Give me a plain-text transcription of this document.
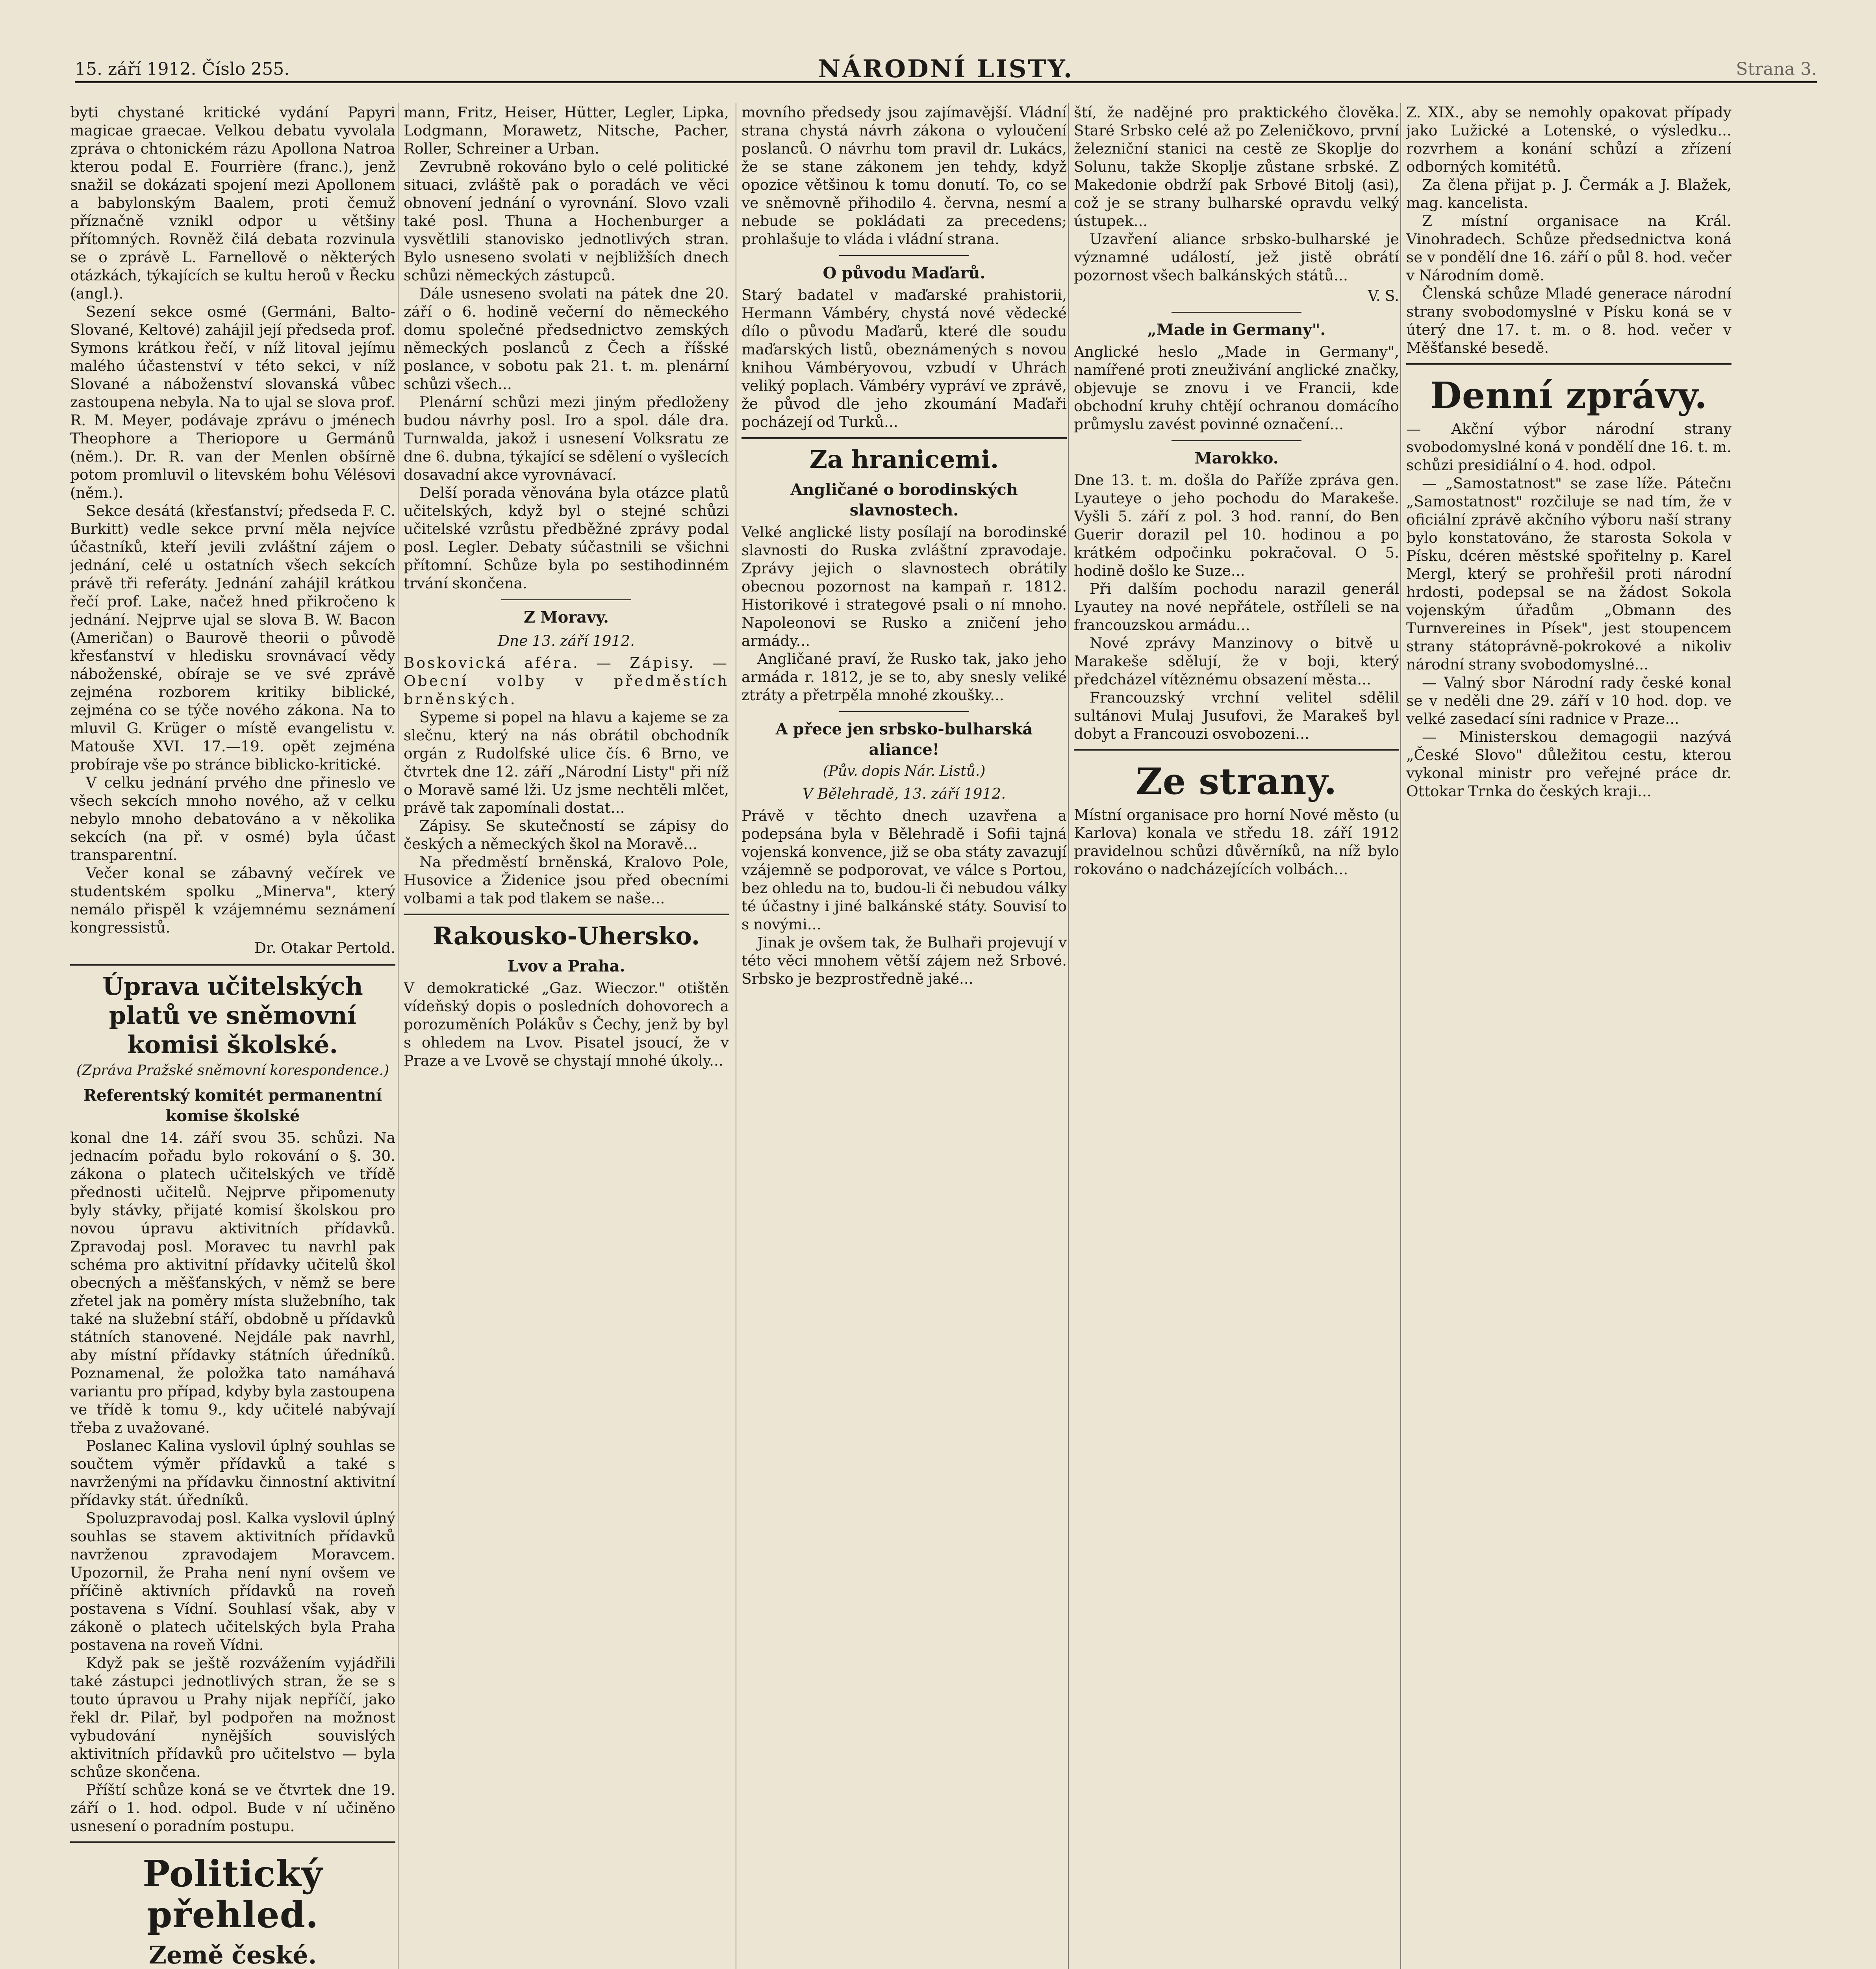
15. září 1912. Číslo 255.	NÁRODNÍ LISTY.	Strana 3.

byti chystané kritické vydání Papyri magicae graecae. Velkou debatu vyvolala zpráva o chtonickém rázu Apollona Natroa kterou podal E. Fourrière (franc.), jenž snažil se dokázati spojení mezi Apollonem a babylonským Baalem, proti čemuž příznačně vznikl odpor u většiny přítomných. Rovněž čilá debata rozvinula se o zprávě L. Farnellově o některých otázkách, týkajících se kultu heroů v Řecku (angl.).

Sezení sekce osmé (Germáni, Balto-Slované, Keltové) zahájil její předseda prof. Symons krátkou řečí, v níž litoval jejímu malého účastenství v této sekci, v níž Slované a náboženství slovanská vůbec zastoupena nebyla. Na to ujal se slova prof. R. M. Meyer, podávaje zprávu o jménech Theophore a Theriopore u Germánů (něm.). Dr. R. van der Menlen obšírně potom promluvil o litevském bohu Vélésovi (něm.).

Sekce desátá (křesťanství; předseda F. C. Burkitt) vedle sekce první měla nejvíce účastníků, kteří jevili zvláštní zájem o jednání, celé u ostatních všech sekcích právě tři referáty. Jednání zahájil krátkou řečí prof. Lake, načež hned přikročeno k jednání. Nejprve ujal se slova B. W. Bacon (Američan) o Baurově theorii o původě křesťanství v hledisku srovnávací vědy náboženské, obíraje se ve své zprávě zejména rozborem kritiky biblické, zejména co se týče nového zákona. Na to mluvil G. Krüger o místě evangelistu v. Matouše XVI. 17.—19. opět zejména probíraje vše po stránce biblicko-kritické.

V celku jednání prvého dne přineslo ve všech sekcích mnoho nového, až v celku nebylo mnoho debatováno a v několika sekcích (na př. v osmé) byla účast transparentní.

Večer konal se zábavný večírek ve studentském spolku „Minerva", který nemálo přispěl k vzájemnému seznámení kongressistů.

Dr. Otakar Pertold.
Úprava učitelských platů ve sněmovní komisi školské.
(Zpráva Pražské sněmovní korespondence.)
Referentský komitét permanentní komise školské

konal dne 14. září svou 35. schůzi. Na jednacím pořadu bylo rokování o §. 30. zákona o platech učitelských ve třídě přednosti učitelů. Nejprve připomenuty byly stávky, přijaté komisí školskou pro novou úpravu aktivitních přídavků. Zpravodaj posl. Moravec tu navrhl pak schéma pro aktivitní přídavky učitelů škol obecných a měšťanských, v němž se bere zřetel jak na poměry místa služebního, tak také na služební stáří, obdobně u přídavků státních stanovené. Nejdále pak navrhl, aby místní přídavky státních úředníků. Poznamenal, že položka tato namáhavá variantu pro případ, kdyby byla zastoupena ve třídě k tomu 9., kdy učitelé nabývají třeba z uvažované.

Poslanec Kalina vyslovil úplný souhlas se součtem výměr přídavků a také s navrženými na přídavku činnostní aktivitní přídavky stát. úředníků.

Spoluzpravodaj posl. Kalka vyslovil úplný souhlas se stavem aktivitních přídavků navrženou zpravodajem Moravcem. Upozornil, že Praha není nyní ovšem ve příčině aktivních přídavků na roveň postavena s Vídní. Souhlasí však, aby v zákoně o platech učitelských byla Praha postavena na roveň Vídni.

Když pak se ještě rozvážením vyjádřili také zástupci jednotlivých stran, že se s touto úpravou u Prahy nijak nepříčí, jako řekl dr. Pilař, byl podpořen na možnost vybudování nynějších souvislých aktivitních přídavků pro učitelstvo — byla schůze skončena.

Příští schůze koná se ve čtvrtek dne 19. září o 1. hod. odpol. Bude v ní učiněno usnesení o poradním postupu.

Politický přehled.
Země české.

mann, Fritz, Heiser, Hütter, Legler, Lipka, Lodgmann, Morawetz, Nitsche, Pacher, Roller, Schreiner a Urban.

Zevrubně rokováno bylo o celé politické situaci, zvláště pak o poradách ve věci obnovení jednání o vyrovnání. Slovo vzali také posl. Thuna a Hochenburger a vysvětlili stanovisko jednotlivých stran. Bylo usneseno svolati v nejbližších dnech schůzi německých zástupců.

Dále usneseno svolati na pátek dne 20. září o 6. hodině večerní do německého domu společné předsednictvo zemských německých poslanců z Čech a říšské poslance, v sobotu pak 21. t. m. plenární schůzi všech...

Plenární schůzi mezi jiným předloženy budou návrhy posl. Iro a spol. dále dra. Turnwalda, jakož i usnesení Volksratu ze dne 6. dubna, týkající se sdělení o vyšlecích dosavadní akce vyrovnávací.

Delší porada věnována byla otázce platů učitelských, když byl o stejné schůzi učitelské vzrůstu předběžné zprávy podal posl. Legler. Debaty súčastnili se všichni přítomní. Schůze byla po sestihodinném trvání skončena.

Z Moravy.
Dne 13. září 1912.

Boskovická aféra. — Zápisy. — Obecní volby v předměstích brněnských.

Sypeme si popel na hlavu a kajeme se za slečnu, který na nás obrátil obchodník orgán z Rudolfské ulice čís. 6 Brno, ve čtvrtek dne 12. září „Národní Listy" při níž o Moravě samé lži. Uz jsme nechtěli mlčet, právě tak zapomínali dostat...

Zápisy. Se skutečností se zápisy do českých a německých škol na Moravě...

Na předměstí brněnská, Kralovo Pole, Husovice a Židenice jsou před obecními volbami a tak pod tlakem se naše...

Rakousko-Uhersko.
Lvov a Praha.

V demokratické „Gaz. Wieczor." otištěn vídeňský dopis o posledních dohovorech a porozuměních Polákův s Čechy, jenž by byl s ohledem na Lvov. Pisatel jsoucí, že v Praze a ve Lvově se chystají mnohé úkoly...

movního předsedy jsou zajímavější. Vládní strana chystá návrh zákona o vyloučení poslanců. O návrhu tom pravil dr. Lukács, že se stane zákonem jen tehdy, když opozice většinou k tomu donutí. To, co se ve sněmovně přihodilo 4. června, nesmí a nebude se pokládati za precedens; prohlašuje to vláda i vládní strana.

O původu Maďarů.

Starý badatel v maďarské prahistorii, Hermann Vámbéry, chystá nové vědecké dílo o původu Maďarů, které dle soudu maďarských listů, obeznámených s novou knihou Vámbéryovou, vzbudí v Uhrách veliký poplach. Vámbéry vypráví ve zprávě, že původ dle jeho zkoumání Maďaři pocházejí od Turků...

Za hranicemi.
Angličané o borodinských slavnostech.

Velké anglické listy posílají na borodinské slavnosti do Ruska zvláštní zpravodaje. Zprávy jejich o slavnostech obrátily obecnou pozornost na kampaň r. 1812. Historikové i strategové psali o ní mnoho. Napoleonovi se Rusko a zničení jeho armády...

Angličané praví, že Rusko tak, jako jeho armáda r. 1812, je se to, aby snesly veliké ztráty a přetrpěla mnohé zkoušky...

A přece jen srbsko-bulharská aliance!
(Pův. dopis Nár. Listů.)
V Bělehradě, 13. září 1912.

Právě v těchto dnech uzavřena a podepsána byla v Bělehradě i Sofii tajná vojenská konvence, již se oba státy zavazují vzájemně se podporovat, ve válce s Portou, bez ohledu na to, budou-li či nebudou války té účastny i jiné balkánské státy. Souvisí to s novými...

Jinak je ovšem tak, že Bulhaři projevují v této věci mnohem větší zájem než Srbové. Srbsko je bezprostředně jaké...

ští, že nadějné pro praktického člověka. Staré Srbsko celé až po Zeleničkovo, první železniční stanici na cestě ze Skoplje do Solunu, takže Skoplje zůstane srbské. Z Makedonie obdrží pak Srbové Bitolj (asi), což je se strany bulharské opravdu velký ústupek...

Uzavření aliance srbsko-bulharské je významné událostí, jež jistě obrátí pozornost všech balkánských států...

V. S.
„Made in Germany".

Anglické heslo „Made in Germany", namířené proti zneuživání anglické značky, objevuje se znovu i ve Francii, kde obchodní kruhy chtějí ochranou domácího průmyslu zavést povinné označení...

Marokko.

Dne 13. t. m. došla do Paříže zpráva gen. Lyauteye o jeho pochodu do Marakeše. Vyšli 5. září z pol. 3 hod. ranní, do Ben Guerir dorazil pel 10. hodinou a po krátkém odpočinku pokračoval. O 5. hodině došlo ke Suze...

Při dalším pochodu narazil generál Lyautey na nové nepřátele, ostříleli se na francouzskou armádu...

Nové zprávy Manzinovy o bitvě u Marakeše sdělují, že v boji, který předcházel vítěznému obsazení města...

Francouzský vrchní velitel sdělil sultánovi Mulaj Jusufovi, že Marakeš byl dobyt a Francouzi osvobozeni...

Ze strany.

Místní organisace pro horní Nové město (u Karlova) konala ve středu 18. září 1912 pravidelnou schůzi důvěrníků, na níž bylo rokováno o nadcházejících volbách...

Z. XIX., aby se nemohly opakovat případy jako Lužické a Lotenské, o výsledku... rozvrhem a konání schůzí a zřízení odborných komitétů.

Za člena přijat p. J. Čermák a J. Blažek, mag. kancelista.

Z místní organisace na Král. Vinohradech. Schůze předsednictva koná se v pondělí dne 16. září o půl 8. hod. večer v Národním domě.

Členská schůze Mladé generace národní strany svobodomyslné v Písku koná se v úterý dne 17. t. m. o 8. hod. večer v Měšťanské besedě.

Denní zprávy.

— Akční výbor národní strany svobodomyslné koná v pondělí dne 16. t. m. schůzi presidiální o 4. hod. odpol.

— „Samostatnost" se zase líže. Pátečnı „Samostatnost" rozčiluje se nad tím, že v oficiální zprávě akčního výboru naší strany bylo konstatováno, že starosta Sokola v Písku, dcéren městské spořitelny p. Karel Mergl, který se prohřešil proti národní hrdosti, podepsal se na žádost Sokola vojenským úřadům „Obmann des Turnvereines in Písek", jest stoupencem strany státoprávně-pokrokové a nikoliv národní strany svobodomyslné...

— Valný sbor Národní rady české konal se v neděli dne 29. září v 10 hod. dop. ve velké zasedací síni radnice v Praze...

— Ministerskou demagogii nazývá „České Slovo" důležitou cestu, kterou vykonal ministr pro veřejné práce dr. Ottokar Trnka do českých kraji...
